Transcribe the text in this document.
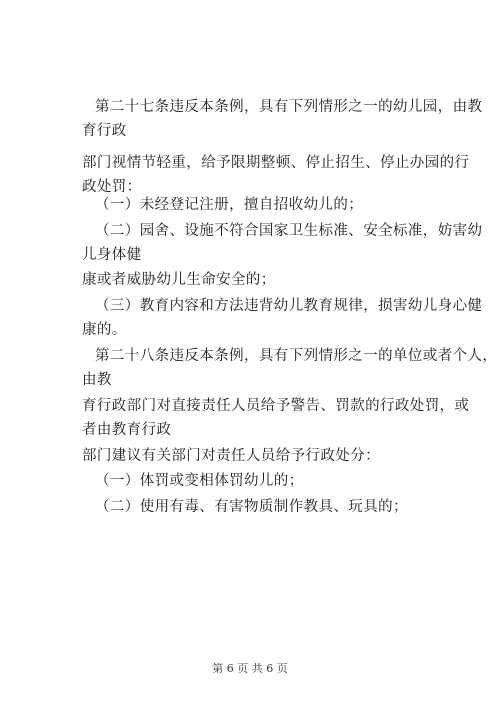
第二十七条违反本条例，具有下列情形之一的幼儿园，由教
育行政
部门视情节轻重，给予限期整顿、停止招生、停止办园的行
政处罚：
（一）未经登记注册，擅自招收幼儿的；
（二）园舍、设施不符合国家卫生标准、安全标准，妨害幼
儿身体健
康或者威胁幼儿生命安全的；
（三）教育内容和方法违背幼儿教育规律，损害幼儿身心健
康的。
第二十八条违反本条例，具有下列情形之一的单位或者个人，
由教
育行政部门对直接责任人员给予警告、罚款的行政处罚，或
者由教育行政
部门建议有关部门对责任人员给予行政处分：
（一）体罚或变相体罚幼儿的；
（二）使用有毒、有害物质制作教具、玩具的；
第 6 页 共 6 页
